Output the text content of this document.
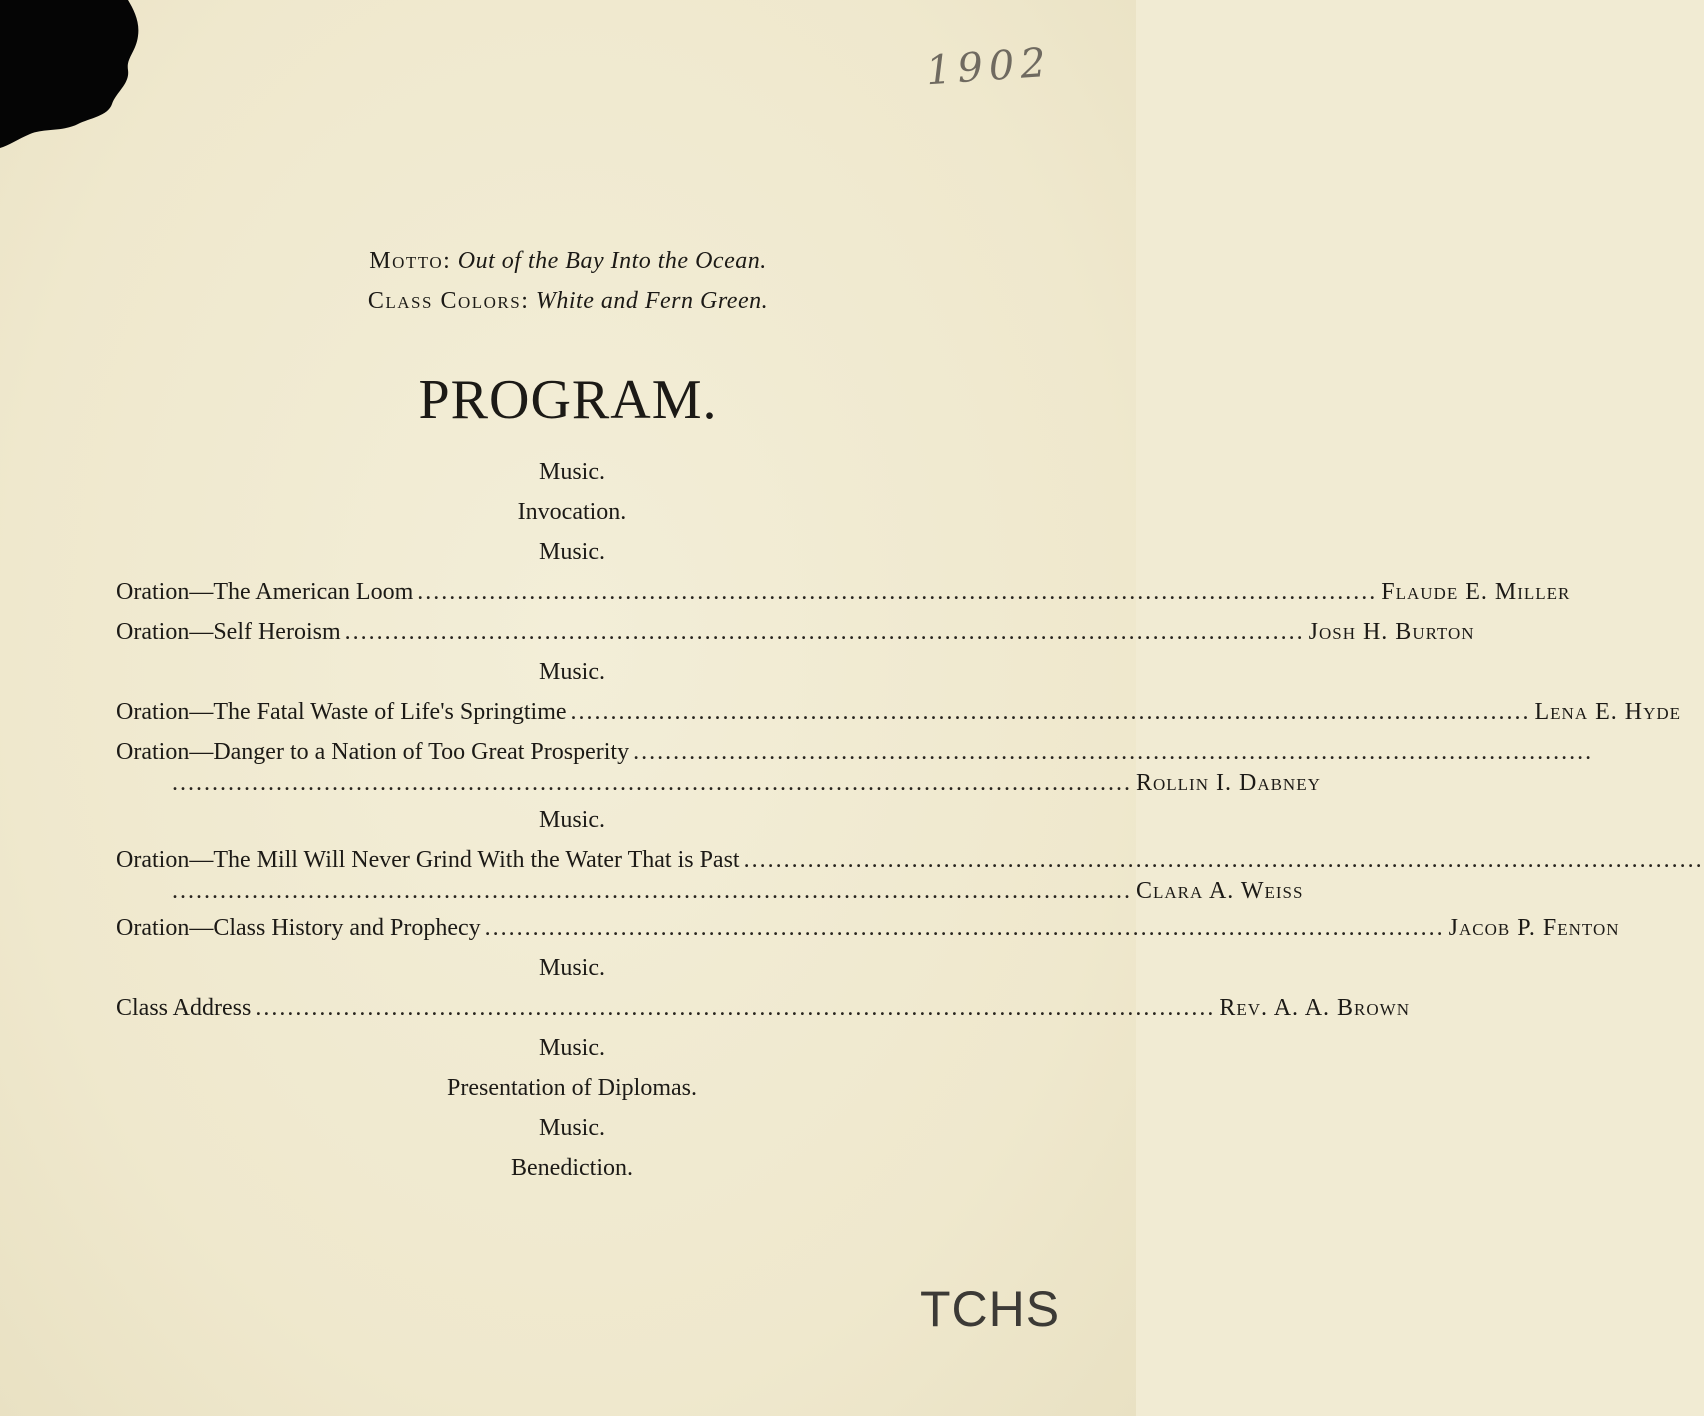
1902
Motto: Out of the Bay Into the Ocean.
Class Colors: White and Fern Green.
PROGRAM.
Music.
Invocation.
Music.
Oration—The American Loom ........................................................................................................................ Flaude E. Miller
Oration—Self Heroism ........................................................................................................................ Josh H. Burton
Music.
Oration—The Fatal Waste of Life's Springtime ........................................................................................................................ Lena E. Hyde
Oration—Danger to a Nation of Too Great Prosperity ........................................................................................................................
........................................................................................................................ Rollin I. Dabney
Music.
Oration—The Mill Will Never Grind With the Water That is Past ........................................................................................................................
........................................................................................................................ Clara A. Weiss
Oration—Class History and Prophecy ........................................................................................................................ Jacob P. Fenton
Music.
Class Address ........................................................................................................................ Rev. A. A. Brown
Music.
Presentation of Diplomas.
Music.
Benediction.
TCHS
